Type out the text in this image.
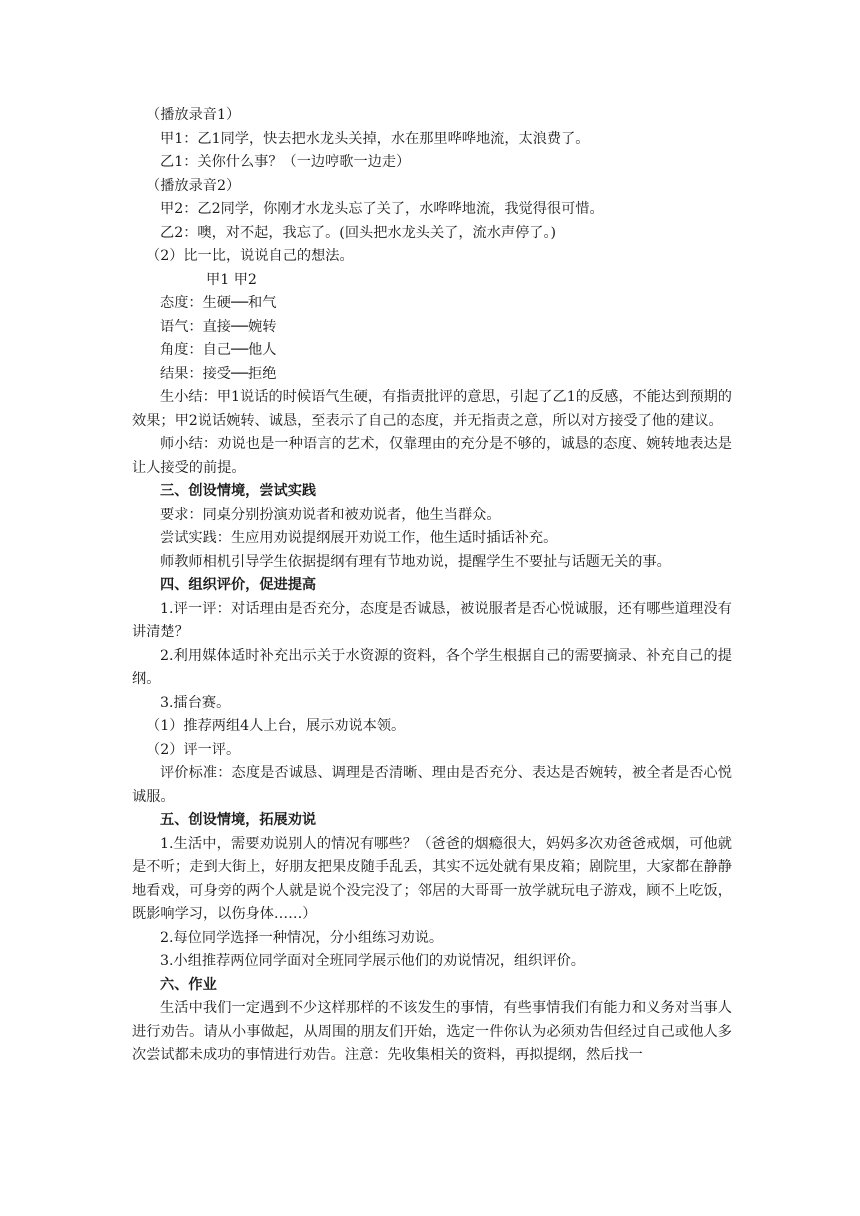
（播放录音1）

甲1：乙1同学，快去把水龙头关掉，水在那里哗哗地流，太浪费了。

乙1：关你什么事？（一边哼歌一边走）

（播放录音2）

甲2：乙2同学，你刚才水龙头忘了关了，水哗哗地流，我觉得很可惜。

乙2：噢，对不起，我忘了。(回头把水龙头关了，流水声停了。)

（2）比一比，说说自己的想法。

甲1 甲2

态度：生硬──和气

语气：直接──婉转

角度：自己──他人

结果：接受──拒绝

生小结：甲1说话的时候语气生硬，有指责批评的意思，引起了乙1的反感，不能达到预期的效果；甲2说话婉转、诚恳，至表示了自己的态度，并无指责之意，所以对方接受了他的建议。

师小结：劝说也是一种语言的艺术，仅靠理由的充分是不够的，诚恳的态度、婉转地表达是让人接受的前提。

三、创设情境，尝试实践

要求：同桌分别扮演劝说者和被劝说者，他生当群众。

尝试实践：生应用劝说提纲展开劝说工作，他生适时插话补充。

师教师相机引导学生依据提纲有理有节地劝说，提醒学生不要扯与话题无关的事。

四、组织评价，促进提高

1.评一评：对话理由是否充分，态度是否诚恳，被说服者是否心悦诚服，还有哪些道理没有讲清楚？

2.利用媒体适时补充出示关于水资源的资料，各个学生根据自己的需要摘录、补充自己的提纲。

3.擂台赛。

（1）推荐两组4人上台，展示劝说本领。

（2）评一评。

评价标准：态度是否诚恳、调理是否清晰、理由是否充分、表达是否婉转，被全者是否心悦诚服。

五、创设情境，拓展劝说

1.生活中，需要劝说别人的情况有哪些？（爸爸的烟瘾很大，妈妈多次劝爸爸戒烟，可他就是不听；走到大街上，好朋友把果皮随手乱丢，其实不远处就有果皮箱；剧院里，大家都在静静地看戏，可身旁的两个人就是说个没完没了；邻居的大哥哥一放学就玩电子游戏，顾不上吃饭，既影响学习，以伤身体……）

2.每位同学选择一种情况，分小组练习劝说。

3.小组推荐两位同学面对全班同学展示他们的劝说情况，组织评价。

六、作业

生活中我们一定遇到不少这样那样的不该发生的事情，有些事情我们有能力和义务对当事人进行劝告。请从小事做起，从周围的朋友们开始，选定一件你认为必须劝告但经过自己或他人多次尝试都未成功的事情进行劝告。注意：先收集相关的资料，再拟提纲，然后找一
